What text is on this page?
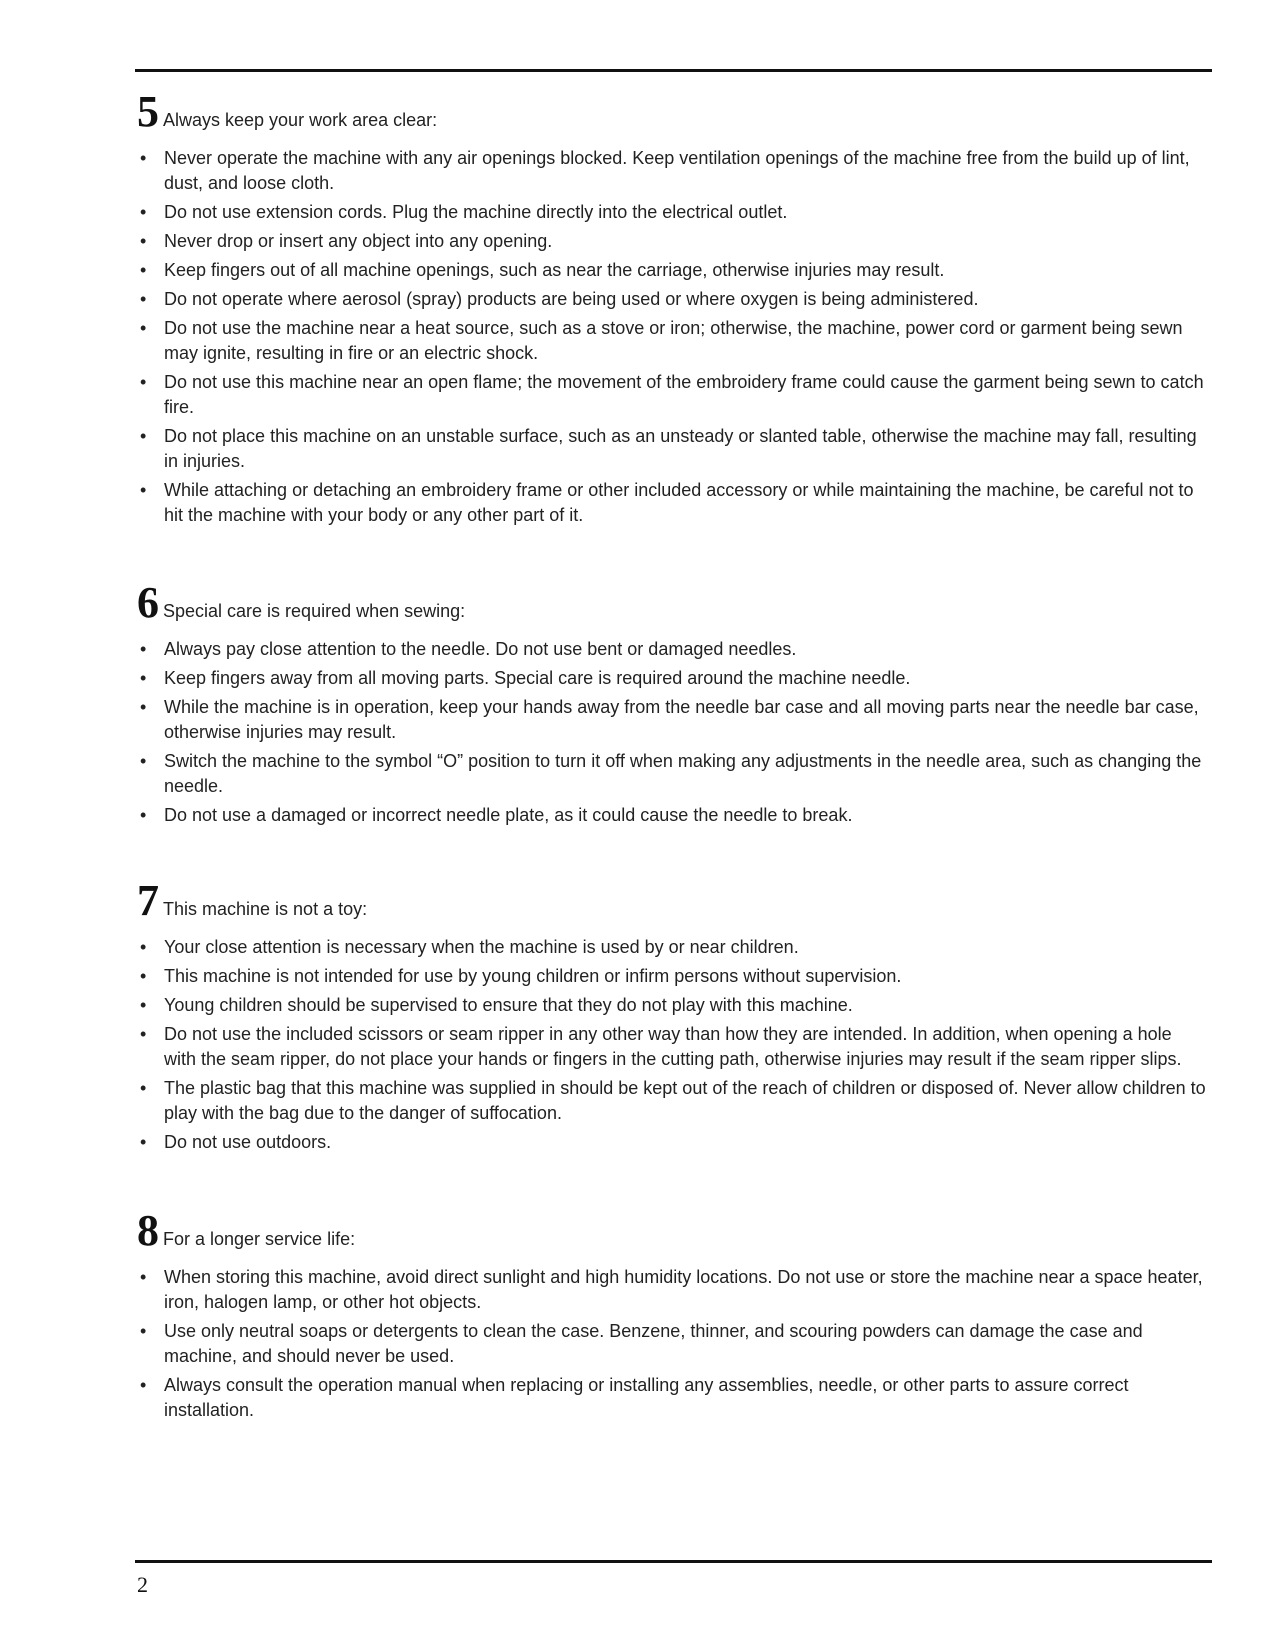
5 Always keep your work area clear:
• Never operate the machine with any air openings blocked. Keep ventilation openings of the machine free from the build up of lint, dust, and loose cloth.
• Do not use extension cords. Plug the machine directly into the electrical outlet.
• Never drop or insert any object into any opening.
• Keep fingers out of all machine openings, such as near the carriage, otherwise injuries may result.
• Do not operate where aerosol (spray) products are being used or where oxygen is being administered.
• Do not use the machine near a heat source, such as a stove or iron; otherwise, the machine, power cord or garment being sewn may ignite, resulting in fire or an electric shock.
• Do not use this machine near an open flame; the movement of the embroidery frame could cause the garment being sewn to catch fire.
• Do not place this machine on an unstable surface, such as an unsteady or slanted table, otherwise the machine may fall, resulting in injuries.
• While attaching or detaching an embroidery frame or other included accessory or while maintaining the machine, be careful not to hit the machine with your body or any other part of it.
6 Special care is required when sewing:
• Always pay close attention to the needle. Do not use bent or damaged needles.
• Keep fingers away from all moving parts. Special care is required around the machine needle.
• While the machine is in operation, keep your hands away from the needle bar case and all moving parts near the needle bar case, otherwise injuries may result.
• Switch the machine to the symbol “O” position to turn it off when making any adjustments in the needle area, such as changing the needle.
• Do not use a damaged or incorrect needle plate, as it could cause the needle to break.
7 This machine is not a toy:
• Your close attention is necessary when the machine is used by or near children.
• This machine is not intended for use by young children or infirm persons without supervision.
• Young children should be supervised to ensure that they do not play with this machine.
• Do not use the included scissors or seam ripper in any other way than how they are intended. In addition, when opening a hole with the seam ripper, do not place your hands or fingers in the cutting path, otherwise injuries may result if the seam ripper slips.
• The plastic bag that this machine was supplied in should be kept out of the reach of children or disposed of. Never allow children to play with the bag due to the danger of suffocation.
• Do not use outdoors.
8 For a longer service life:
• When storing this machine, avoid direct sunlight and high humidity locations. Do not use or store the machine near a space heater, iron, halogen lamp, or other hot objects.
• Use only neutral soaps or detergents to clean the case. Benzene, thinner, and scouring powders can damage the case and machine, and should never be used.
• Always consult the operation manual when replacing or installing any assemblies, needle, or other parts to assure correct installation.
2
